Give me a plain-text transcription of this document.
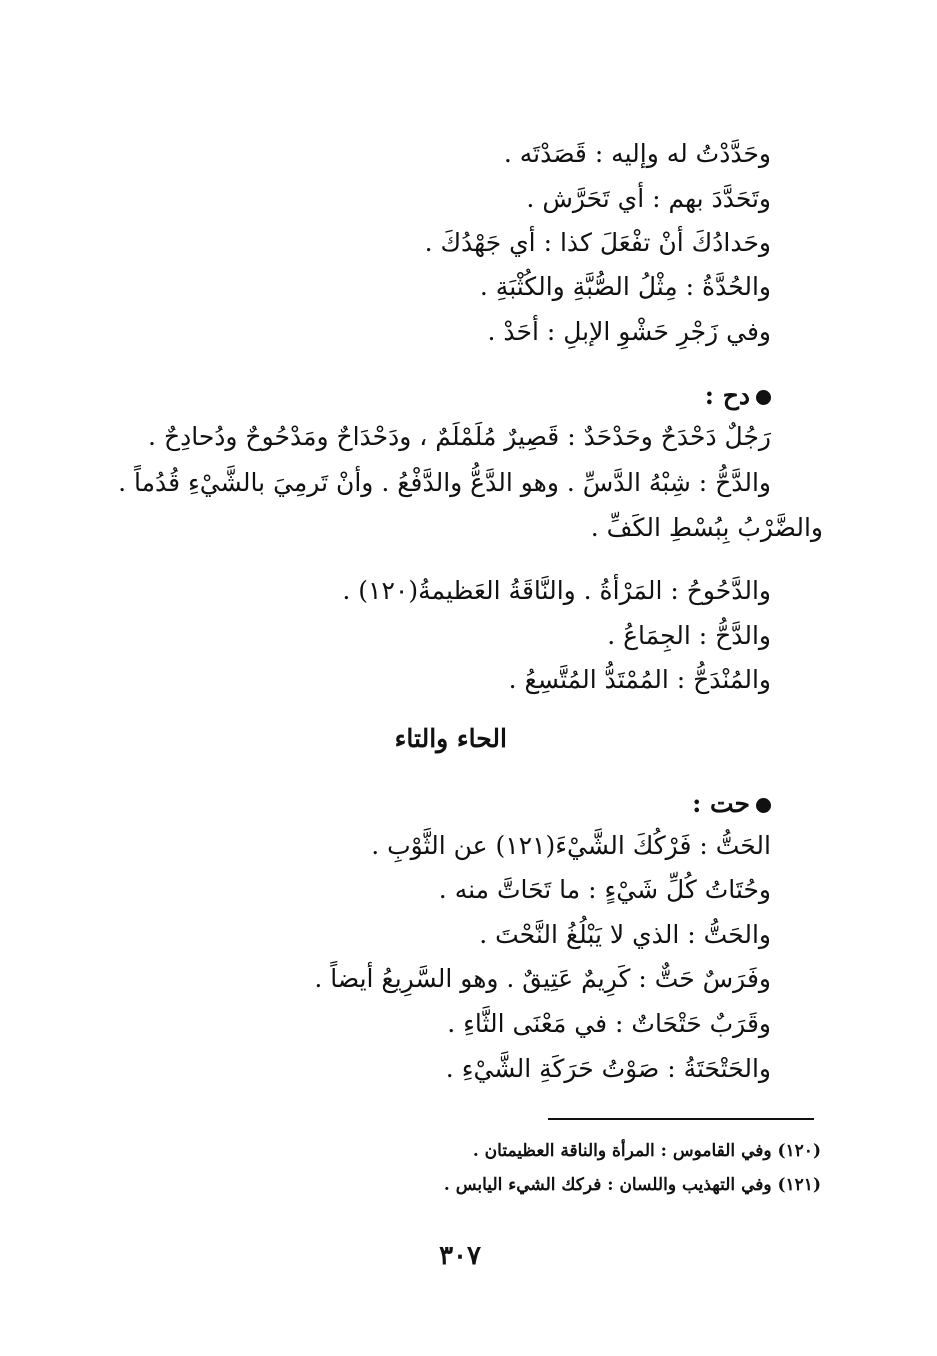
وحَدَّدْتُ له وإليه : قَصَدْتَه .
وتَحَدَّدَ بهم : أي تَحَرَّش .
وحَدادُكَ أنْ تفْعَلَ كذا : أي جَهْدُكَ .
والحُدَّةُ : مِثْلُ الصُّبَّةِ والكُثْبَةِ .
وفي زَجْرِ حَشْوِ الإبلِ : أحَدْ .
دح :
رَجُلٌ دَحْدَحٌ وحَدْحَدٌ : قَصِيرٌ مُلَمْلَمٌ ، ودَحْدَاحٌ ومَدْحُوحٌ ودُحادِحٌ .
والدَّحُّ : شِبْهُ الدَّسِّ . وهو الدَّعُّ والدَّفْعُ . وأنْ تَرمِيَ بالشَّيْءِ قُدُماً .
والضَّرْبُ بِبُسْطِ الكَفِّ .
والدَّحُوحُ : المَرْأةُ . والنَّاقَةُ العَظيمةُ(١٢٠) .
والدَّحُّ : الجِمَاعُ .
والمُنْدَحُّ : المُمْتَدُّ المُتَّسِعُ .
الحاء والتاء
حت :
الحَتُّ : فَرْكُكَ الشَّيْءَ(١٢١) عن الثَّوْبِ .
وحُتَاتُ كُلِّ شَيْءٍ : ما تَحَاتَّ منه .
والحَتُّ : الذي لا يَبْلُغُ النَّحْتَ .
وفَرَسٌ حَتٌّ : كَرِيمٌ عَتِيقٌ . وهو السَّرِيعُ أيضاً .
وقَرَبٌ حَتْحَاتٌ : في مَعْنَى الثَّاءِ .
والحَتْحَتَةُ : صَوْتُ حَرَكَةِ الشَّيْءِ .
(١٢٠) وفي القاموس : المرأة والناقة العظيمتان .
(١٢١) وفي التهذيب واللسان : فركك الشيء اليابس .
٣٠٧
